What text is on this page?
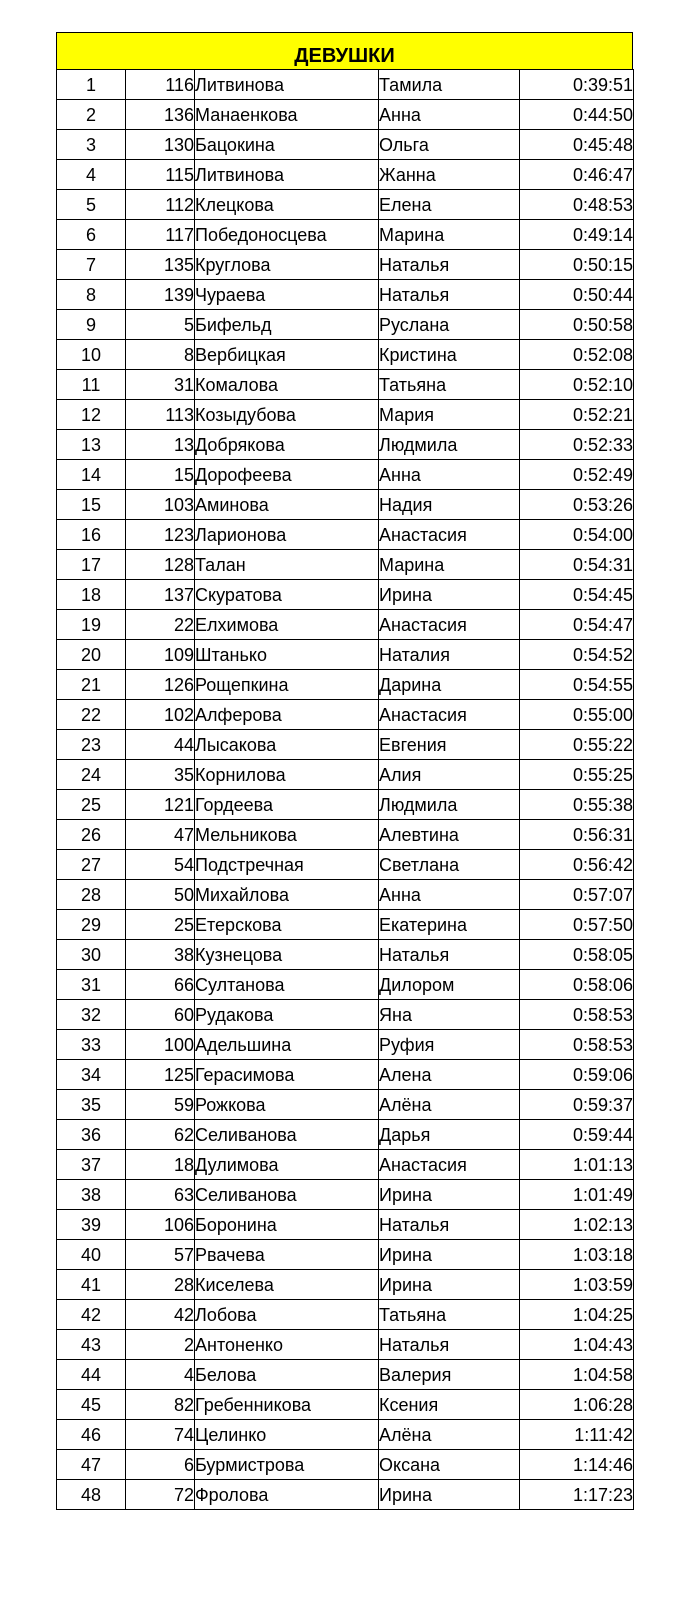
ДЕВУШКИ
1	116	Литвинова	Тамила	0:39:51
2	136	Манаенкова	Анна	0:44:50
3	130	Бацокина	Ольга	0:45:48
4	115	Литвинова	Жанна	0:46:47
5	112	Клецкова	Елена	0:48:53
6	117	Победоносцева	Марина	0:49:14
7	135	Круглова	Наталья	0:50:15
8	139	Чураева	Наталья	0:50:44
9	5	Бифельд	Руслана	0:50:58
10	8	Вербицкая	Кристина	0:52:08
11	31	Комалова	Татьяна	0:52:10
12	113	Козыдубова	Мария	0:52:21
13	13	Добрякова	Людмила	0:52:33
14	15	Дорофеева	Анна	0:52:49
15	103	Аминова	Надия	0:53:26
16	123	Ларионова	Анастасия	0:54:00
17	128	Талан	Марина	0:54:31
18	137	Скуратова	Ирина	0:54:45
19	22	Елхимова	Анастасия	0:54:47
20	109	Штанько	Наталия	0:54:52
21	126	Рощепкина	Дарина	0:54:55
22	102	Алферова	Анастасия	0:55:00
23	44	Лысакова	Евгения	0:55:22
24	35	Корнилова	Алия	0:55:25
25	121	Гордеева	Людмила	0:55:38
26	47	Мельникова	Алевтина	0:56:31
27	54	Подстречная	Светлана	0:56:42
28	50	Михайлова	Анна	0:57:07
29	25	Етерскова	Екатерина	0:57:50
30	38	Кузнецова	Наталья	0:58:05
31	66	Султанова	Дилором	0:58:06
32	60	Рудакова	Яна	0:58:53
33	100	Адельшина	Руфия	0:58:53
34	125	Герасимова	Алена	0:59:06
35	59	Рожкова	Алёна	0:59:37
36	62	Селиванова	Дарья	0:59:44
37	18	Дулимова	Анастасия	1:01:13
38	63	Селиванова	Ирина	1:01:49
39	106	Боронина	Наталья	1:02:13
40	57	Рвачева	Ирина	1:03:18
41	28	Киселева	Ирина	1:03:59
42	42	Лобова	Татьяна	1:04:25
43	2	Антоненко	Наталья	1:04:43
44	4	Белова	Валерия	1:04:58
45	82	Гребенникова	Ксения	1:06:28
46	74	Целинко	Алёна	1:11:42
47	6	Бурмистрова	Оксана	1:14:46
48	72	Фролова	Ирина	1:17:23
